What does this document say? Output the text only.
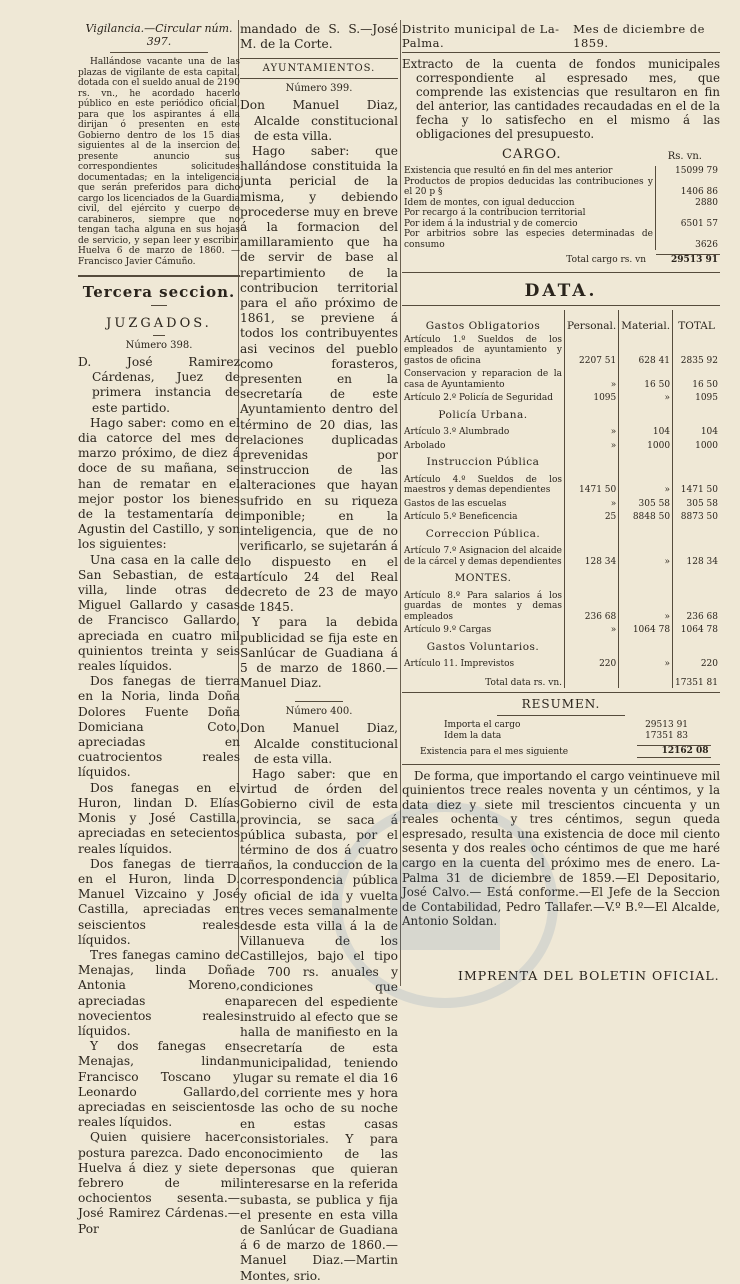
Vigilancia.—Circular núm. 397.

Hallándose vacante una de las plazas de vigilante de esta capital, dotada con el sueldo anual de 2190 rs. vn., he acordado hacerlo público en este periódico oficial, para que los aspirantes á ella dirijan ó presenten en este Gobierno dentro de los 15 dias siguientes al de la insercion del presente anuncio sus correspondientes solicitudes documentadas; en la inteligencia que serán preferidos para dicho cargo los licenciados de la Guardia civil, del ejército y cuerpo de carabineros, siempre que no tengan tacha alguna en sus hojas de servicio, y sepan leer y escribir. Huelva 6 de marzo de 1860. —Francisco Javier Cámuño.

Tercera seccion.
JUZGADOS.
Número 398.

D. José Ramirez Cárdenas, Juez de primera instancia de este partido.

Hago saber: como en el dia catorce del mes de marzo próximo, de diez á doce de su mañana, se han de rematar en el mejor postor los bienes de la testamentaría de Agustin del Castillo, y son los siguientes:

Una casa en la calle de San Sebastian, de esta villa, linde otras de Miguel Gallardo y casas de Francisco Gallardo, apreciada en cuatro mil quinientos treinta y seis reales líquidos.

Dos fanegas de tierra en la Noria, linda Doña Dolores Fuente Doña Domiciana Coto, apreciadas en cuatrocientos reales líquidos.

Dos fanegas en el Huron, lindan D. Elías Monis y José Castilla, apreciadas en setecientos reales líquidos.

Dos fanegas de tierra en el Huron, linda D. Manuel Vizcaino y José Castilla, apreciadas en seiscientos reales líquidos.

Tres fanegas camino de Menajas, linda Doña Antonia Moreno, apreciadas en novecientos reales líquidos.

Y dos fanegas en Menajas, lindan Francisco Toscano y Leonardo Gallardo, apreciadas en seiscientos reales líquidos.

Quien quisiere hacer postura parezca. Dado en Huelva á diez y siete de febrero de mil ochocientos sesenta.— José Ramirez Cárdenas.—Por

mandado de S. S.—José M. de la Corte.

AYUNTAMIENTOS.
Número 399.

Don Manuel Diaz, Alcalde constitucional de esta villa.

Hago saber: que hallándose constituida la junta pericial de la misma, y debiendo procederse muy en breve á la formacion del amillaramiento que ha de servir de base al repartimiento de la contribucion territorial para el año próximo de 1861, se previene á todos los contribuyentes asi vecinos del pueblo como forasteros, presenten en la secretaría de este Ayuntamiento dentro del término de 20 dias, las relaciones duplicadas prevenidas por instruccion de las alteraciones que hayan sufrido en su riqueza imponible; en la inteligencia, que de no verificarlo, se sujetarán á lo dispuesto en el artículo 24 del Real decreto de 23 de mayo de 1845.

Y para la debida publicidad se fija este en Sanlúcar de Guadiana á 5 de marzo de 1860.—Manuel Diaz.

Número 400.

Don Manuel Diaz, Alcalde constitucional de esta villa.

Hago saber: que en virtud de órden del Gobierno civil de esta provincia, se saca á pública subasta, por el término de dos á cuatro años, la conduccion de la correspondencia pública y oficial de ida y vuelta tres veces semanalmente desde esta villa á la de Villanueva de los Castillejos, bajo el tipo de 700 rs. anuales y condiciones que aparecen del espediente instruido al efecto que se halla de manifiesto en la secretaría de esta municipalidad, teniendo lugar su remate el dia 16 del corriente mes y hora de las ocho de su noche en estas casas consistoriales. Y para conocimiento de las personas que quieran interesarse en la referida subasta, se publica y fija el presente en esta villa de Sanlúcar de Guadiana á 6 de marzo de 1860.—Manuel Diaz.—Martin Montes, srio.

Distrito municipal de La-Palma.
Mes de diciembre de 1859.

Extracto de la cuenta de fondos municipales correspondiente al espresado mes, que comprende las existencias que resultaron en fin del anterior, las cantidades recaudadas en el de la fecha y lo satisfecho en el mismo á las obligaciones del presupuesto.

CARGO.	Rs. vn.
Existencia que resultó en fin del mes anterior	15099 79
Productos de propios deducidas las contribuciones y el 20 p §	1406 86
Idem de montes, con igual deduccion	2880
Por recargo á la contribucion territorial	
Por idem á la industrial y de comercio	6501 57
Por arbitrios sobre las especies determinadas de consumo	3626
Total cargo rs. vn	29513 91
DATA.
Gastos Obligatorios	Personal.	Material.	TOTAL
Artículo 1.º Sueldos de los empleados de ayuntamiento y gastos de oficina	2207 51	628 41	2835 92
Conservacion y reparacion de la casa de Ayuntamiento	»	16 50	16 50
Artículo 2.º Policía de Seguridad	1095	»	1095
Policía Urbana.			
Artículo 3.º Alumbrado	»	104	104
Arbolado	»	1000	1000
Instruccion Pública			
Artículo 4.º Sueldos de los maestros y demas dependientes	1471 50	»	1471 50
Gastos de las escuelas	»	305 58	305 58
Artículo 5.º Beneficencia	25	8848 50	8873 50
Correccion Pública.			
Artículo 7.º Asignacion del alcaide de la cárcel y demas dependientes	128 34	»	128 34
MONTES.			
Artículo 8.º Para salarios á los guardas de montes y demas empleados	236 68	»	236 68
Artículo 9.º Cargas	»	1064 78	1064 78
Gastos Voluntarios.			
Artículo 11. Imprevistos	220	»	220
Total data rs. vn.			17351 81
RESUMEN.
Importa el cargo	29513 91
Idem la data	17351 83
Existencia para el mes siguiente	12162 08

De forma, que importando el cargo veintinueve mil quinientos trece reales noventa y un céntimos, y la data diez y siete mil trescientos cincuenta y un reales ochenta y tres céntimos, segun queda espresado, resulta una existencia de doce mil ciento sesenta y dos reales ocho céntimos de que me haré cargo en la cuenta del próximo mes de enero. La-Palma 31 de diciembre de 1859.—El Depositario, José Calvo.— Está conforme.—El Jefe de la Seccion de Contabilidad, Pedro Tallafer.—V.º B.º—El Alcalde, Antonio Soldan.

IMPRENTA DEL BOLETIN OFICIAL.
